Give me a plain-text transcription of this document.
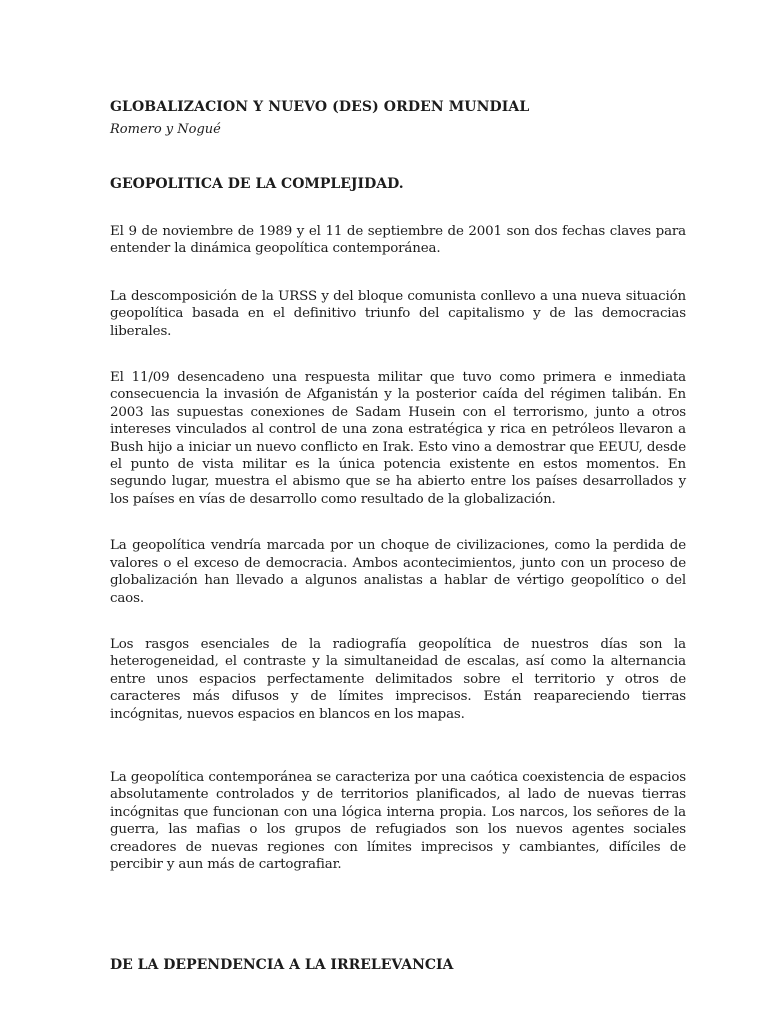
GLOBALIZACION Y NUEVO (DES) ORDEN MUNDIAL

Romero y Nogué

GEOPOLITICA DE LA COMPLEJIDAD.

El 9 de noviembre de 1989 y el 11 de septiembre de 2001 son dos fechas claves para entender la dinámica geopolítica contemporánea.

La descomposición de la URSS y del bloque comunista conllevo a una nueva situación geopolítica basada en el definitivo triunfo del capitalismo y de las democracias liberales.

El 11/09 desencadeno una respuesta militar que tuvo como primera e inmediata consecuencia la invasión de Afganistán y la posterior caída del régimen talibán. En 2003 las supuestas conexiones de Sadam Husein con el terrorismo, junto a otros intereses vinculados al control de una zona estratégica y rica en petróleos llevaron a Bush hijo a iniciar un nuevo conflicto en Irak. Esto vino a demostrar que EEUU, desde el punto de vista militar es la única potencia existente en estos momentos. En segundo lugar, muestra el abismo que se ha abierto entre los países desarrollados y los países en vías de desarrollo como resultado de la globalización.

La geopolítica vendría marcada por un choque de civilizaciones, como la perdida de valores o el exceso de democracia. Ambos acontecimientos, junto con un proceso de globalización han llevado a algunos analistas a hablar de vértigo geopolítico o del caos.

Los rasgos esenciales de la radiografía geopolítica de nuestros días son la heterogeneidad, el contraste y la simultaneidad de escalas, así como la alternancia entre unos espacios perfectamente delimitados sobre el territorio y otros de caracteres más difusos y de límites imprecisos. Están reapareciendo tierras incógnitas, nuevos espacios en blancos en los mapas.

La geopolítica contemporánea se caracteriza por una caótica coexistencia de espacios absolutamente controlados y de territorios planificados, al lado de nuevas tierras incógnitas que funcionan con una lógica interna propia. Los narcos, los señores de la guerra, las mafias o los grupos de refugiados son los nuevos agentes sociales creadores de nuevas regiones con límites imprecisos y cambiantes, difíciles de percibir y aun más de cartografiar.

DE LA DEPENDENCIA A LA IRRELEVANCIA
